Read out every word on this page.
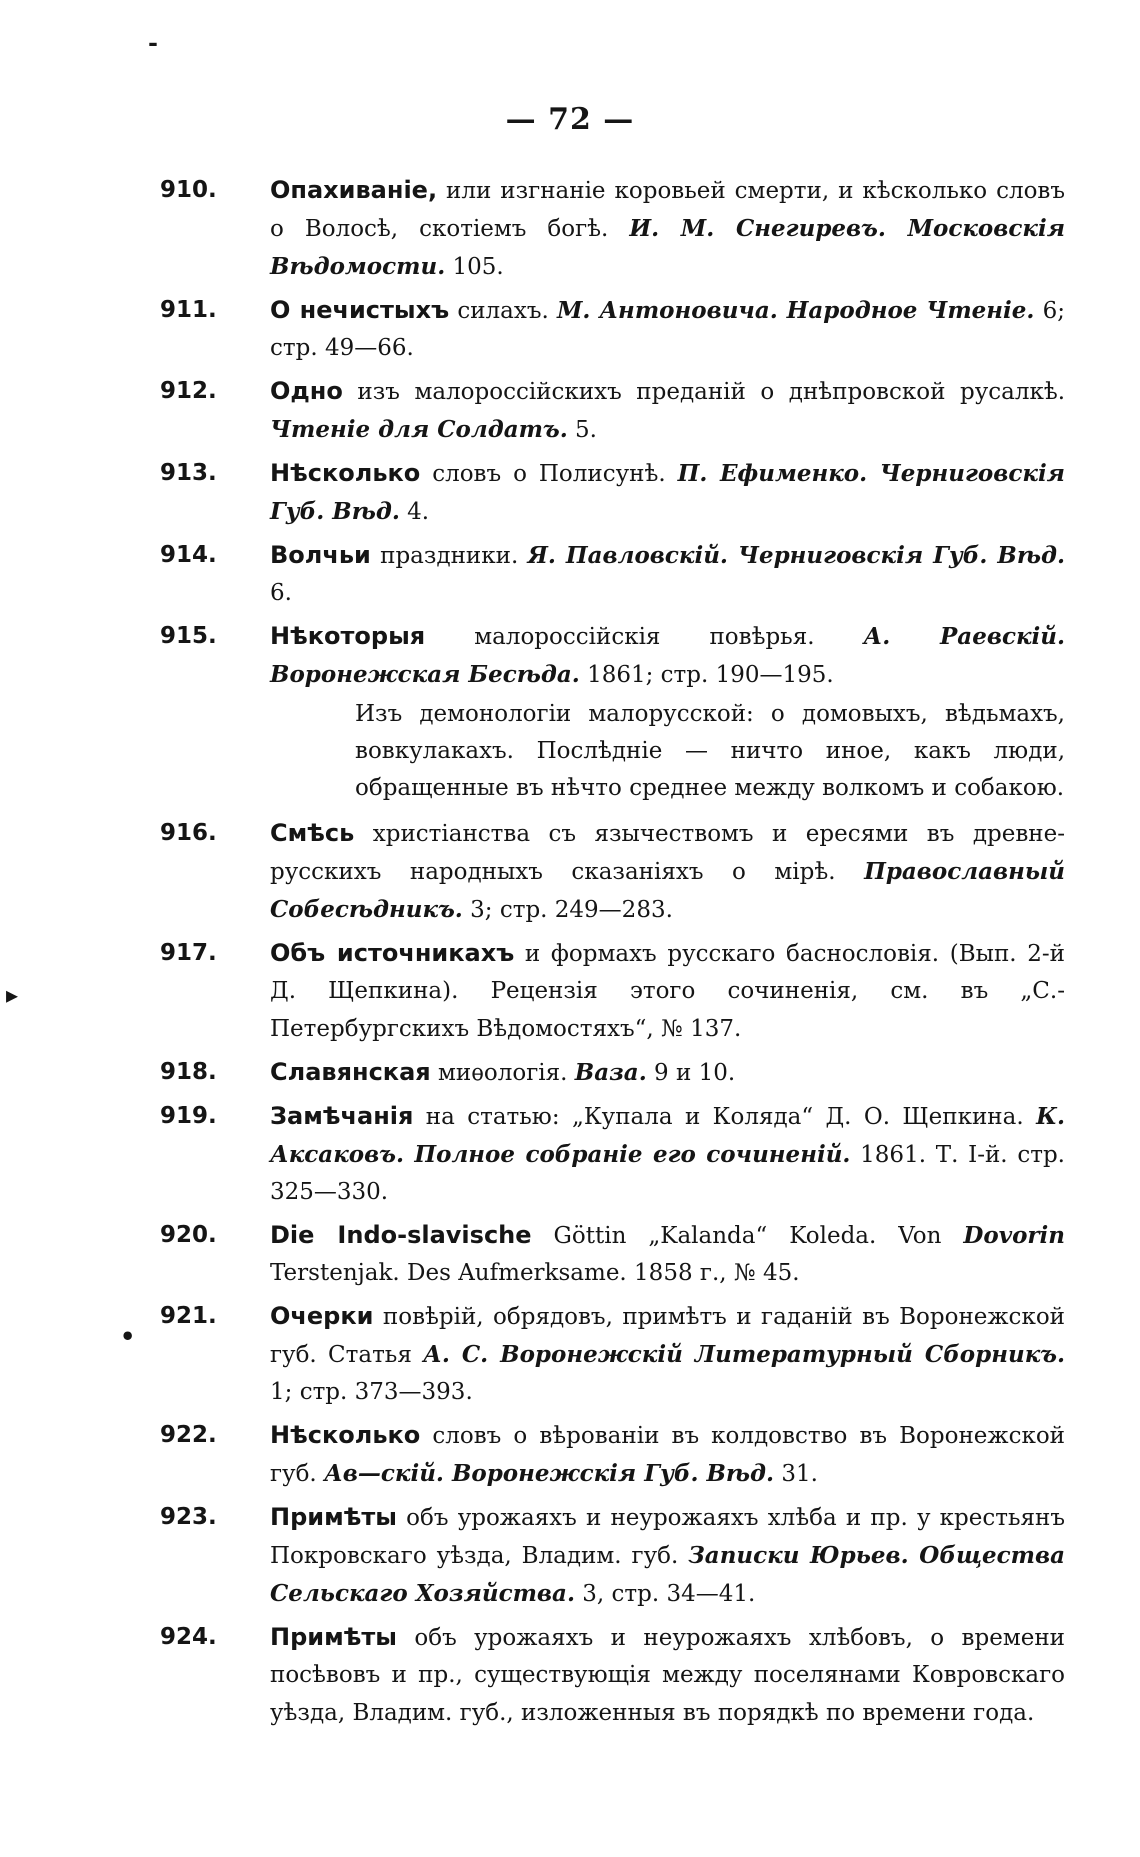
-
▸
•
— 72 —
910.	Опахиваніе, или изгнаніе коровьей смерти, и кѣсколько словъ о Волосѣ, скотіемъ богѣ. И. М. Снегиревъ. Московскія Вѣдомости. 105.
911.	О нечистыхъ силахъ. М. Антоновича. Народное Чтеніе. 6; стр. 49—66.
912.	Одно изъ малороссійскихъ преданій о днѣпровской русалкѣ. Чтеніе для Солдатъ. 5.
913.	Нѣсколько словъ о Полисунѣ. П. Ефименко. Черниговскія Губ. Вѣд. 4.
914.	Волчьи праздники. Я. Павловскій. Черниговскія Губ. Вѣд. 6.
915.	Нѣкоторыя малороссійскія повѣрья. А. Раевскій. Воронежская Бесѣда. 1861; стр. 190—195.
Изъ демонологіи малорусской: о домовыхъ, вѣдьмахъ, вовкулакахъ. Послѣдніе — ничто иное, какъ люди, обращенные въ нѣчто среднее между волкомъ и собакою.
916.	Смѣсь христіанства съ язычествомъ и ересями въ древне-русскихъ народныхъ сказаніяхъ о мірѣ. Православный Собесѣдникъ. 3; стр. 249—283.
917.	Объ источникахъ и формахъ русскаго баснословія. (Вып. 2-й Д. Щепкина). Рецензія этого сочиненія, см. въ „С.-Петербургскихъ Вѣдомостяхъ“, № 137.
918.	Славянская миѳологія. Ваза. 9 и 10.
919.	Замѣчанія на статью: „Купала и Коляда“ Д. О. Щепкина. К. Аксаковъ. Полное собраніе его сочиненій. 1861. Т. I-й. стр. 325—330.
920.	Die Indo-slavische Göttin „Kalanda“ Koleda. Von Dovorin Terstenjak. Des Aufmerksame. 1858 г., № 45.
921.	Очерки повѣрій, обрядовъ, примѣтъ и гаданій въ Воронежской губ. Статья А. С. Воронежскій Литературный Сборникъ. 1; стр. 373—393.
922.	Нѣсколько словъ о вѣрованіи въ колдовство въ Воронежской губ. Ав—скій. Воронежскія Губ. Вѣд. 31.
923.	Примѣты объ урожаяхъ и неурожаяхъ хлѣба и пр. у крестьянъ Покровскаго уѣзда, Владим. губ. Записки Юрьев. Общества Сельскаго Хозяйства. 3, стр. 34—41.
924.	Примѣты объ урожаяхъ и неурожаяхъ хлѣбовъ, о времени посѣвовъ и пр., существующія между поселянами Ковровскаго уѣзда, Владим. губ., изложенныя въ порядкѣ по времени года.
